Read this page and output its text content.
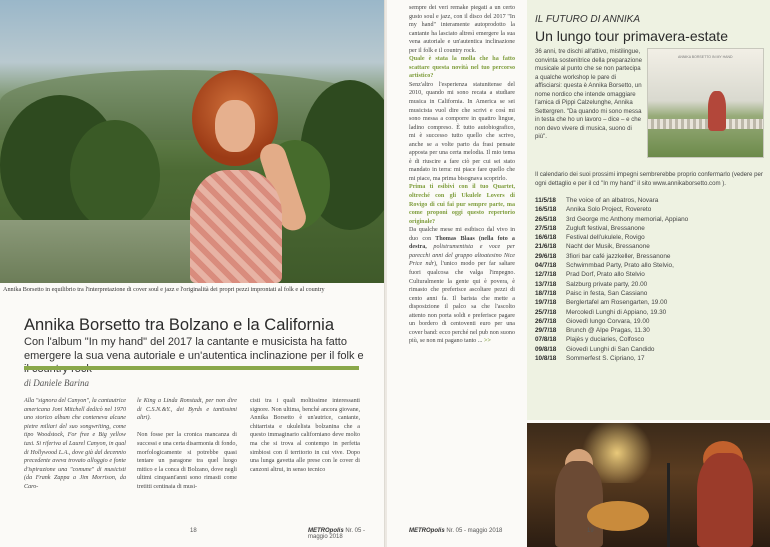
Annika Borsetto in equilibrio tra l'interpretazione di cover soul e jazz e l'originalità dei propri pezzi improntati al folk e al country
Annika Borsetto tra Bolzano e la California
Con l'album "In my hand" del 2017 la cantante e musicista ha fatto emergere la sua vena autoriale e un'autentica inclinazione per il folk e
di Daniele Barina
Alla "signora del Canyon", la cantautrice americana Joni Mitchell dedicò nel 1970 uno storico album che conteneva alcune pietre miliari del suo songwriting, come tipo Woodstock, For free e Big yellow taxi. Si riferiva al Laurel Canyon, in qual di Hollywood L.A., dove già dal decennio precedente aveva trovato alloggio e fonte d'ispirazione una "comune" di musicisti (da Frank Zappa a Jim Morrison, da Caro-
le King a Linda Ronstadt, per non dire di C.S.N.&Y., dei Byrds e tantissimi altri).

Non fosse per la cronica mancanza di successi e una certa disarmonia di fondo, morfologicamente si potrebbe quasi tentare un paragone tra quel luogo mitico e la conca di Bolzano, dove negli ultimi cinquant'anni sono rimasti come tretitti centinaia di musi-
cisti tra i quali moltissime interessanti signore. Non ultima, benché ancora giovane, Annika Borsetto è un'autrice, cantante, chitarrista e ukulelista bolzanina che a questo immaginario californiano deve molto ma che si trova al contempo in perfetta simbiosi con il territorio in cui vive. Dopo una lunga gavetta alle prese con le cover di canzoni altrui, in senso tecnico
18	METROpolis Nr. 05 - maggio 2018
sempre dei veri remake piegati a un certo gusto soul e jazz, con il disco del 2017 "In my hand" interamente autoprodotto la cantante ha lasciato altresì emergere la sua vena autoriale e un'autentica inclinazione per il folk e il country rock.
Quale è stata la molla che ha fatto scattare questa novità nel tuo percorso artistico?
Senz'altro l'esperienza statunitense del 2010, quando mi sono recata a studiare musica in California. In America se sei musicista vuol dire che scrivi e così mi sono messa a comporre in quattro lingue, ladino compreso. È tutto autobiografico, mi è successo tutto quello che scrivo, anche se a volte parto da frasi pensate apposta per una certa melodia. Il mio tema è di riuscire a fare ciò per cui sei stato mandato in terra: mi piace fare quello che mi piace, ma prima bisognava scoprirlo.
Prima ti esibivi con il tuo Quartet, oltreché con gli Ukulele Lovers di Rovigo di cui fai pur sempre parte, ma come proponi oggi questo repertorio originale?
Da qualche mese mi esibisco dal vivo in duo con Thomas Blaas (nella foto a destra, polistrumentista e voce per parecchi anni del gruppo altoatesino Nice Price ndr), l'unico modo per far saltare fuori qualcosa che valga l'impegno. Culturalmente la gente qui è povera, è rimasto che preferisce ascoltare pezzi di cento anni fa. Il barista che mette a disposizione il palco sa che l'ascolto attento non porta soldi e preferisce pagare un bordero di centoventi euro per una cover band: ecco perché nel pub non suono più, se non mi pagano tanto ... >>
IL FUTURO DI ANNIKA
Un lungo tour primavera-estate
36 anni, tre dischi all'attivo, mistilingue, convinta sostenitrice della preparazione musicale al punto che se non partecipa a qualche workshop le pare di affisciarsi: questa è Annika Borsetto, un nome nordico che intende omaggiare l'amica di Pippi Calzelunghe, Annika Settergren. "Da quando mi sono messa in testa che ho un lavoro – dice – e che non devo vivere di musica, suono di più".
ANNIKA BORSETTO IN MY HAND
Il calendario dei suoi prossimi impegni sembrerebbe proprio confermarlo (vedere per ogni dettaglio e per il cd "In my hand" il sito www.annikaborsetto.com ).
11/5/18	The voice of an albatros, Novara
16/5/18	Annika Solo Project, Rovereto
26/5/18	3rd George mc Anthony memorial, Appiano
27/5/18	Zugluft festival, Bressanone
16/6/18	Festival dell'ukulele, Rovigo
21/6/18	Nacht der Musik, Bressanone
29/6/18	3fiori bar café jazzkeller, Bressanone
04/7/18	Schwimmbad Party, Prato allo Stelvio,
12/7/18	Prad Dorf, Prato allo Stelvio
13/7/18	Salzburg private party, 20.00
18/7/18	Paisc in festa, San Cassiano
19/7/18	Berglertafel am Rosengarten, 19.00
25/7/18	Mercoledì Lunghi di Appiano, 19.30
26/7/18	Giovedì lungo Corvara, 19.00
29/7/18	Brunch @ Alpe Pragas, 11.30
07/8/18	Plajès y duciaries, Colfosco
09/8/18	Giovedì Lunghi di San Candido
10/8/18	Sommerfest S. Cipriano, 17
METROpolis Nr. 05 - maggio 2018	19
